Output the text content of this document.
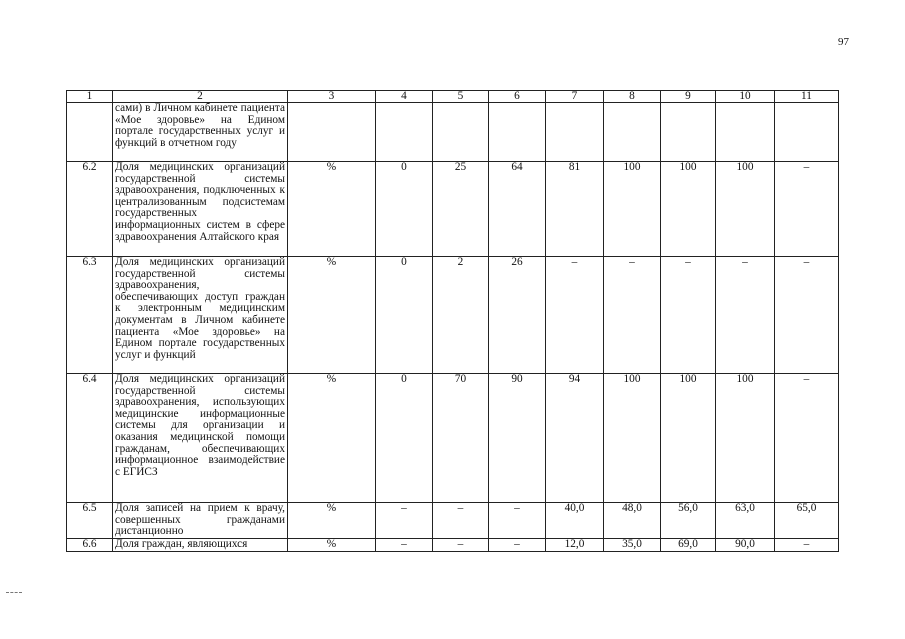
97
1	2	3	4	5	6	7	8	9	10	11
	сами) в Личном кабинете пациента «Мое здоровье» на Едином портале государственных услуг и функций в отчетном году									
6.2	Доля медицинских организаций государственной системы здравоохранения, подключенных к централизованным подсистемам государственных информационных систем в сфере здравоохранения Алтайского края	%	0	25	64	81	100	100	100	–
6.3	Доля медицинских организаций государственной системы здравоохранения, обеспечивающих доступ граждан к электронным медицинским документам в Личном кабинете пациента «Мое здоровье» на Едином портале государственных услуг и функций	%	0	2	26	–	–	–	–	–
6.4	Доля медицинских организаций государственной системы здравоохранения, использующих медицинские информационные системы для организации и оказания медицинской помощи гражданам, обеспечивающих информационное взаимодействие с ЕГИСЗ	%	0	70	90	94	100	100	100	–
6.5	Доля записей на прием к врачу, совершенных гражданами дистанционно	%	–	–	–	40,0	48,0	56,0	63,0	65,0
6.6	Доля граждан, являющихся	%	–	–	–	12,0	35,0	69,0	90,0	–
